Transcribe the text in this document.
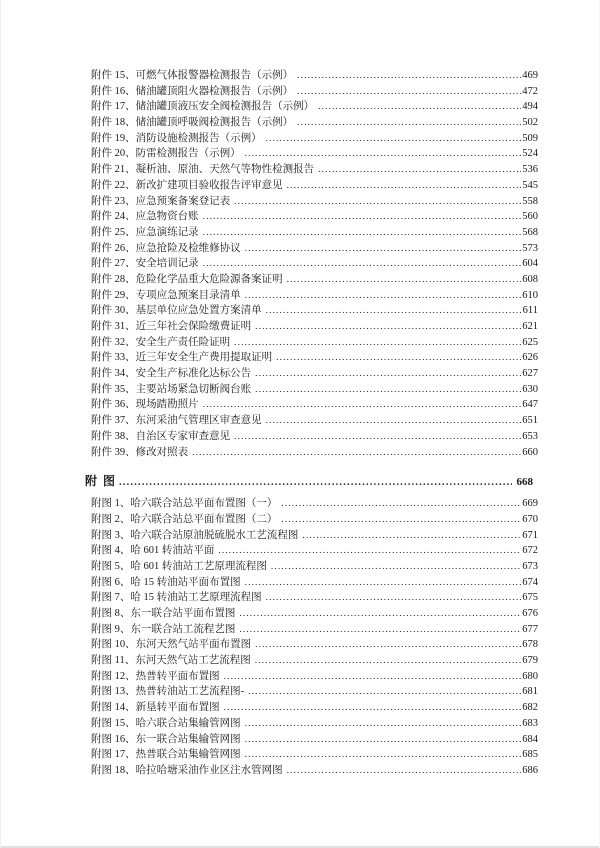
附件 15、可燃气体报警器检测报告（示例） .....	469
附件 16、储油罐顶阻火器检测报告（示例） .....	472
附件 17、储油罐顶液压安全阀检测报告（示例） .....	494
附件 18、储油罐顶呼吸阀检测报告（示例） .....	502
附件 19、消防设施检测报告（示例） .....	509
附件 20、防雷检测报告（示例） .....	524
附件 21、凝析油、原油、天然气等物性检测报告 .....	536
附件 22、新改扩建项目验收报告评审意见 .....	545
附件 23、应急预案备案登记表 .....	558
附件 24、应急物资台账 .....	560
附件 25、应急演练记录 .....	568
附件 26、应急抢险及检维修协议 .....	573
附件 27、安全培训记录 .....	604
附件 28、危险化学品重大危险源备案证明 .....	608
附件 29、专项应急预案目录清单 .....	610
附件 30、基层单位应急处置方案清单 .....	611
附件 31、近三年社会保险缴费证明 .....	621
附件 32、安全生产责任险证明 .....	625
附件 33、近三年安全生产费用提取证明 .....	626
附件 34、安全生产标准化达标公告 .....	627
附件 35、主要站场紧急切断阀台账 .....	630
附件 36、现场踏勘照片 .....	647
附件 37、东河采油气管理区审查意见 .....	651
附件 38、自治区专家审查意见 .....	653
附件 39、修改对照表 .....	660
附  图 .....	668
附图 1、哈六联合站总平面布置图（一） .....	669
附图 2、哈六联合站总平面布置图（二） .....	670
附图 3、哈六联合站原油脱硫脱水工艺流程图 .....	671
附图 4、哈 601 转油站平面 .....	672
附图 5、哈 601 转油站工艺原理流程图 .....	673
附图 6、哈 15 转油站平面布置图 .....	674
附图 7、哈 15 转油站工艺原理流程图 .....	675
附图 8、东一联合站平面布置图 .....	676
附图 9、东一联合站工流程艺图 .....	677
附图 10、东河天然气站平面布置图 .....	678
附图 11、东河天然气站工艺流程图 .....	679
附图 12、热普转平面布置图 .....	680
附图 13、热普转油站工艺流程图- .....	681
附图 14、新垦转平面布置图 .....	682
附图 15、哈六联合站集输管网图 .....	683
附图 16、东一联合站集输管网图 .....	684
附图 17、热普联合站集输管网图 .....	685
附图 18、哈拉哈塘采油作业区注水管网图 .....	686
